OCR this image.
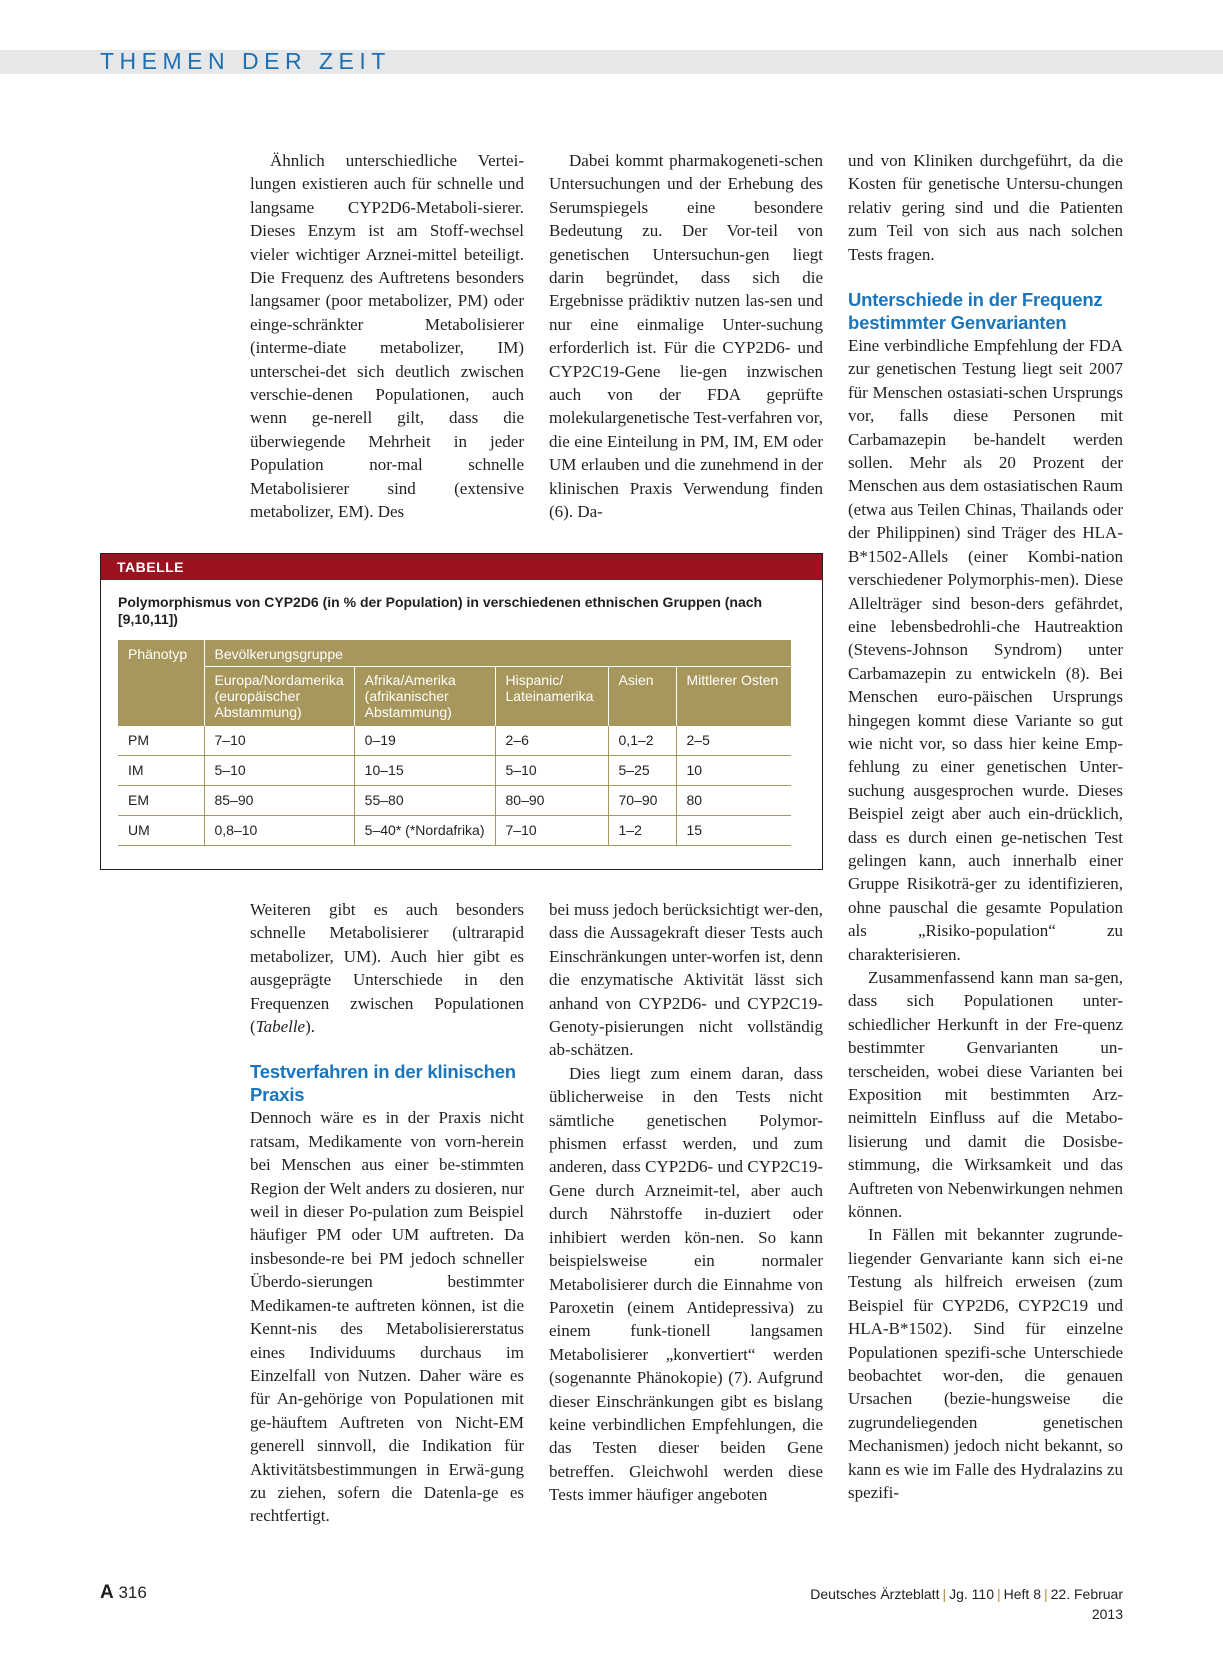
THEMEN DER ZEIT

Ähnlich unterschiedliche Vertei-lungen existieren auch für schnelle und langsame CYP2D6-Metaboli-sierer. Dieses Enzym ist am Stoff-wechsel vieler wichtiger Arznei-mittel beteiligt. Die Frequenz des Auftretens besonders langsamer (poor metabolizer, PM) oder einge-schränkter Metabolisierer (interme-diate metabolizer, IM) unterschei-det sich deutlich zwischen verschie-denen Populationen, auch wenn ge-nerell gilt, dass die überwiegende Mehrheit in jeder Population nor-mal schnelle Metabolisierer sind (extensive metabolizer, EM). Des

Dabei kommt pharmakogeneti-schen Untersuchungen und der Erhebung des Serumspiegels eine besondere Bedeutung zu. Der Vor-teil von genetischen Untersuchun-gen liegt darin begründet, dass sich die Ergebnisse prädiktiv nutzen las-sen und nur eine einmalige Unter-suchung erforderlich ist. Für die CYP2D6- und CYP2C19-Gene lie-gen inzwischen auch von der FDA geprüfte molekulargenetische Test-verfahren vor, die eine Einteilung in PM, IM, EM oder UM erlauben und die zunehmend in der klinischen Praxis Verwendung finden (6). Da-

und von Kliniken durchgeführt, da die Kosten für genetische Untersu-chungen relativ gering sind und die Patienten zum Teil von sich aus nach solchen Tests fragen.

Unterschiede in der Frequenz bestimmter Genvarianten

Eine verbindliche Empfehlung der FDA zur genetischen Testung liegt seit 2007 für Menschen ostasiati-schen Ursprungs vor, falls diese Personen mit Carbamazepin be-handelt werden sollen. Mehr als 20 Prozent der Menschen aus dem ostasiatischen Raum (etwa aus Teilen Chinas, Thailands oder der Philippinen) sind Träger des HLA-B*1502-Allels (einer Kombi-nation verschiedener Polymorphis-men). Diese Allelträger sind beson-ders gefährdet, eine lebensbedrohli-che Hautreaktion (Stevens-Johnson Syndrom) unter Carbamazepin zu entwickeln (8). Bei Menschen euro-päischen Ursprungs hingegen kommt diese Variante so gut wie nicht vor, so dass hier keine Emp-fehlung zu einer genetischen Unter-suchung ausgesprochen wurde. Dieses Beispiel zeigt aber auch ein-drücklich, dass es durch einen ge-netischen Test gelingen kann, auch innerhalb einer Gruppe Risikoträ-ger zu identifizieren, ohne pauschal die gesamte Population als „Risiko-population“ zu charakterisieren.

Zusammenfassend kann man sa-gen, dass sich Populationen unter-schiedlicher Herkunft in der Fre-quenz bestimmter Genvarianten un-terscheiden, wobei diese Varianten bei Exposition mit bestimmten Arz-neimitteln Einfluss auf die Metabo-lisierung und damit die Dosisbe-stimmung, die Wirksamkeit und das Auftreten von Nebenwirkungen nehmen können.

In Fällen mit bekannter zugrunde-liegender Genvariante kann sich ei-ne Testung als hilfreich erweisen (zum Beispiel für CYP2D6, CYP2C19 und HLA-B*1502). Sind für einzelne Populationen spezifi-sche Unterschiede beobachtet wor-den, die genauen Ursachen (bezie-hungsweise die zugrundeliegenden genetischen Mechanismen) jedoch nicht bekannt, so kann es wie im Falle des Hydralazins zu spezifi-

TABELLE
Polymorphismus von CYP2D6 (in % der Population) in verschiedenen ethnischen Gruppen (nach [9,10,11])
Phänotyp	Bevölkerungsgruppe				
	Europa/Nordamerika (europäischer Abstammung)	Afrika/Amerika (afrikanischer Abstammung)	Hispanic/ Lateinamerika	Asien	Mittlerer Osten
PM	7–10	0–19	2–6	0,1–2	2–5
IM	5–10	10–15	5–10	5–25	10
EM	85–90	55–80	80–90	70–90	80
UM	0,8–10	5–40* (*Nordafrika)	7–10	1–2	15

Weiteren gibt es auch besonders schnelle Metabolisierer (ultrarapid metabolizer, UM). Auch hier gibt es ausgeprägte Unterschiede in den Frequenzen zwischen Populationen (Tabelle).

Testverfahren in der klinischen Praxis

Dennoch wäre es in der Praxis nicht ratsam, Medikamente von vorn-herein bei Menschen aus einer be-stimmten Region der Welt anders zu dosieren, nur weil in dieser Po-pulation zum Beispiel häufiger PM oder UM auftreten. Da insbesonde-re bei PM jedoch schneller Überdo-sierungen bestimmter Medikamen-te auftreten können, ist die Kennt-nis des Metabolisiererstatus eines Individuums durchaus im Einzelfall von Nutzen. Daher wäre es für An-gehörige von Populationen mit ge-häuftem Auftreten von Nicht-EM generell sinnvoll, die Indikation für Aktivitätsbestimmungen in Erwä-gung zu ziehen, sofern die Datenla-ge es rechtfertigt.

bei muss jedoch berücksichtigt wer-den, dass die Aussagekraft dieser Tests auch Einschränkungen unter-worfen ist, denn die enzymatische Aktivität lässt sich anhand von CYP2D6- und CYP2C19-Genoty-pisierungen nicht vollständig ab-schätzen.

Dies liegt zum einem daran, dass üblicherweise in den Tests nicht sämtliche genetischen Polymor-phismen erfasst werden, und zum anderen, dass CYP2D6- und CYP2C19-Gene durch Arzneimit-tel, aber auch durch Nährstoffe in-duziert oder inhibiert werden kön-nen. So kann beispielsweise ein normaler Metabolisierer durch die Einnahme von Paroxetin (einem Antidepressiva) zu einem funk-tionell langsamen Metabolisierer „konvertiert“ werden (sogenannte Phänokopie) (7). Aufgrund dieser Einschränkungen gibt es bislang keine verbindlichen Empfehlungen, die das Testen dieser beiden Gene betreffen. Gleichwohl werden diese Tests immer häufiger angeboten

A 316	Deutsches Ärzteblatt | Jg. 110 | Heft 8 | 22. Februar 2013
